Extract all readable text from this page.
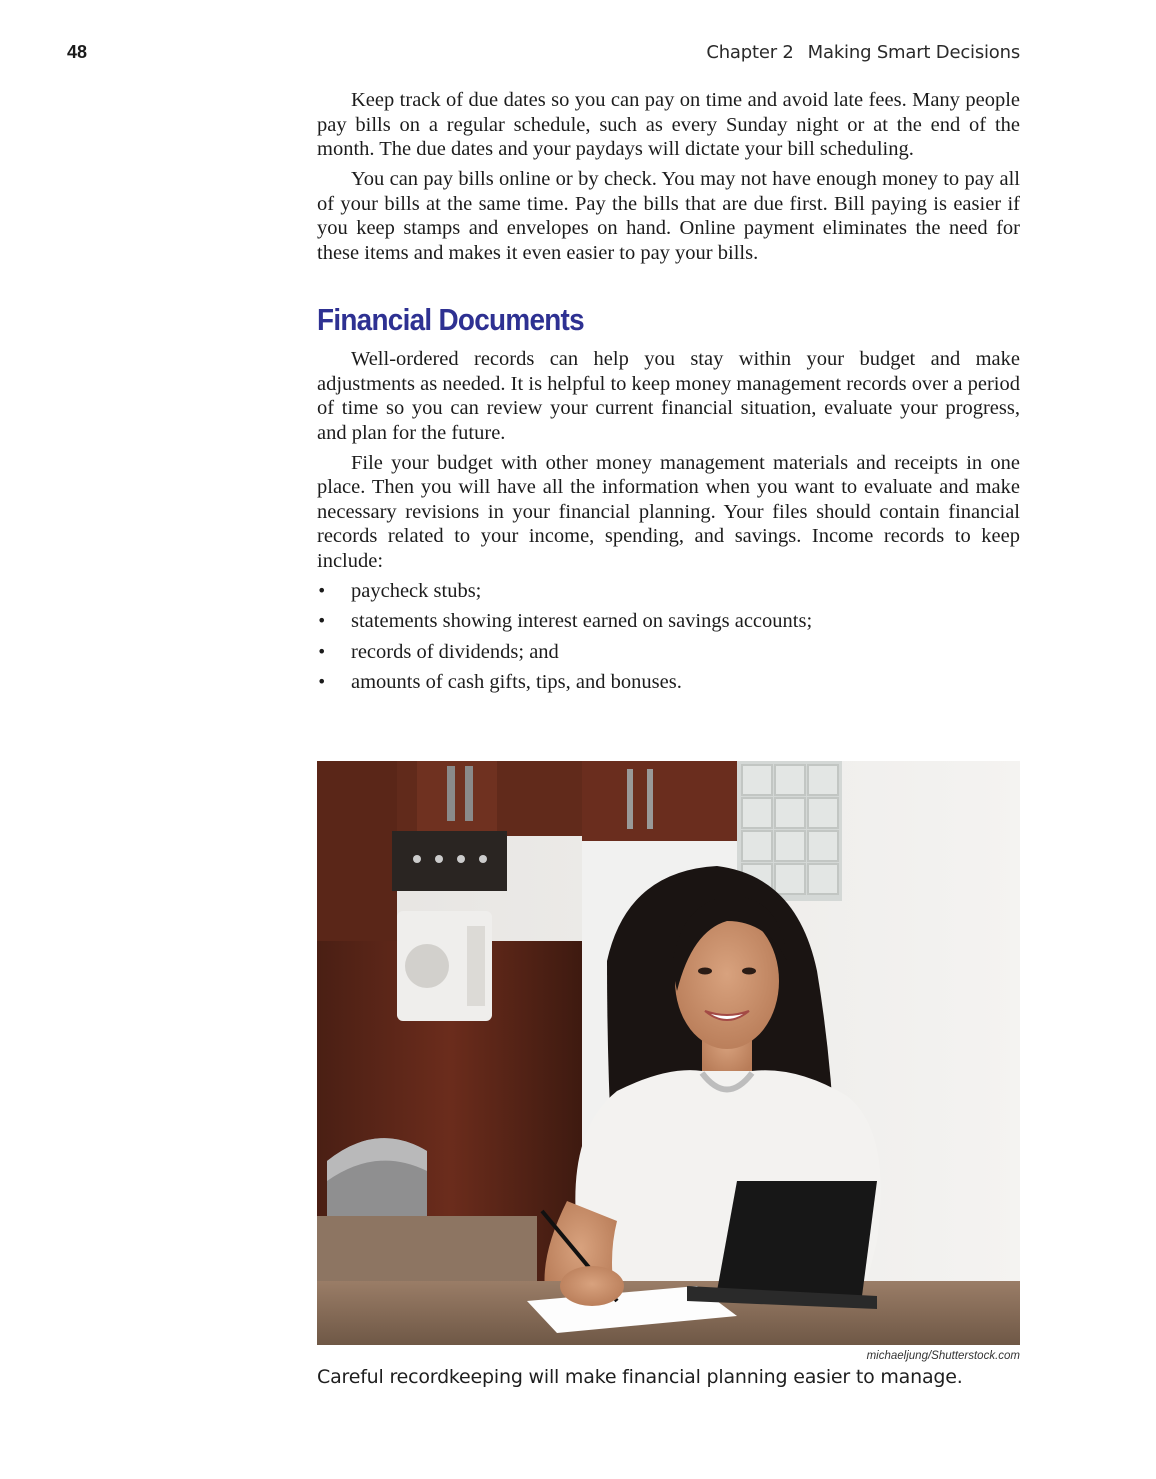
48	Chapter 2 Making Smart Decisions

Keep track of due dates so you can pay on time and avoid late fees. Many people pay bills on a regular schedule, such as every Sunday night or at the end of the month. The due dates and your paydays will dictate your bill scheduling.

You can pay bills online or by check. You may not have enough money to pay all of your bills at the same time. Pay the bills that are due first. Bill paying is easier if you keep stamps and envelopes on hand. Online payment eliminates the need for these items and makes it even easier to pay your bills.

Financial Documents

Well-ordered records can help you stay within your budget and make adjustments as needed. It is helpful to keep money management records over a period of time so you can review your current financial situation, evaluate your progress, and plan for the future.

File your budget with other money management materials and receipts in one place. Then you will have all the information when you want to evaluate and make necessary revisions in your financial planning. Your files should contain financial records related to your income, spending, and savings. Income records to keep include:

• paycheck stubs;
• statements showing interest earned on savings accounts;
• records of dividends; and
• amounts of cash gifts, tips, and bonuses.
michaeljung/Shutterstock.com
Careful recordkeeping will make financial planning easier to manage.
